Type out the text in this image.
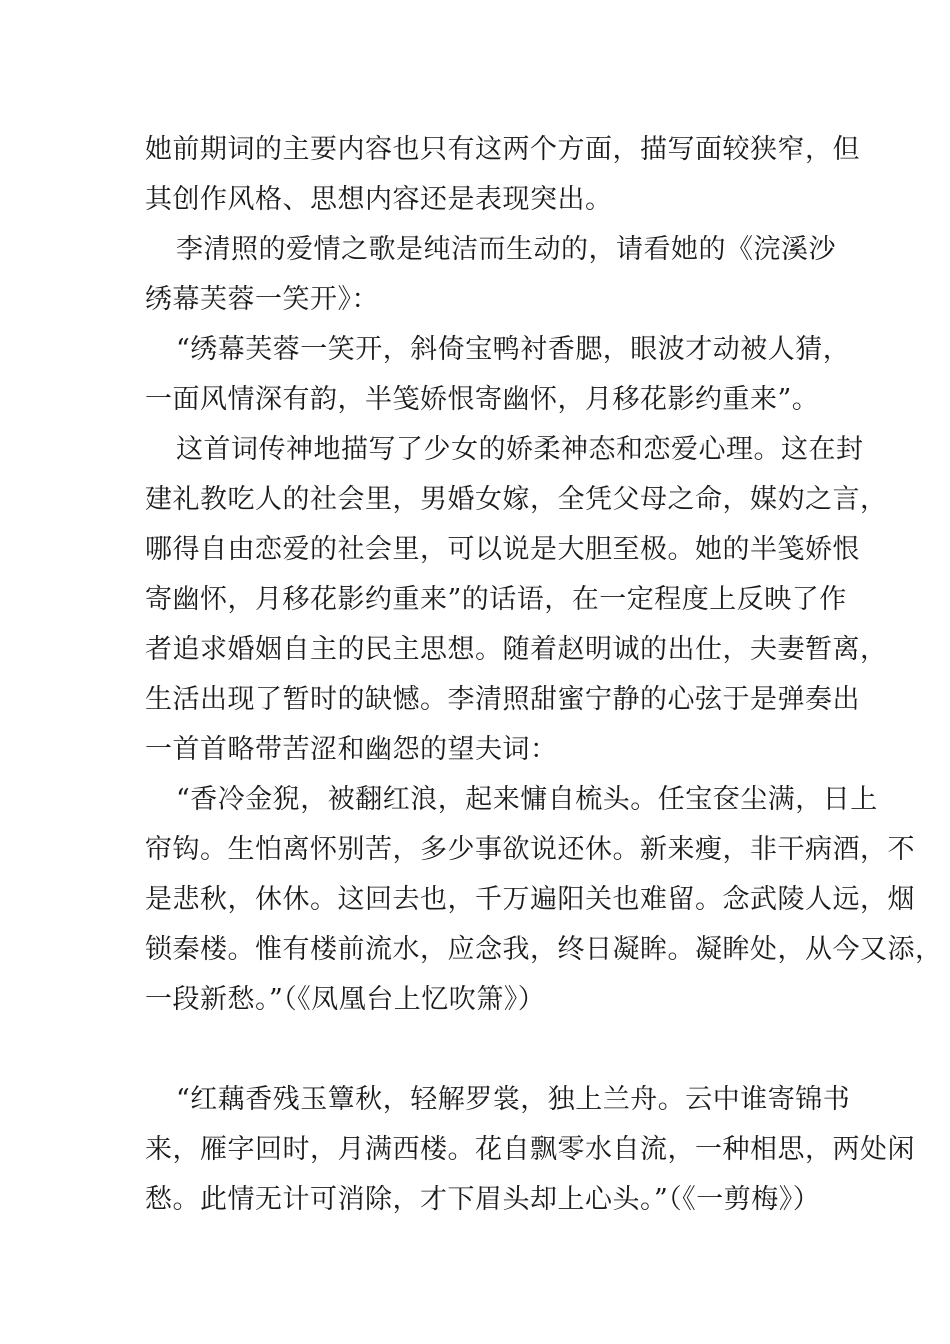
她前期词的主要内容也只有这两个方面，描写面较狭窄，但

其创作风格、思想内容还是表现突出。

李清照的爱情之歌是纯洁而生动的，请看她的《浣溪沙

绣幕芙蓉一笑开》：

“绣幕芙蓉一笑开，斜倚宝鸭衬香腮，眼波才动被人猜，

一面风情深有韵，半笺娇恨寄幽怀，月移花影约重来”。

这首词传神地描写了少女的娇柔神态和恋爱心理。这在封

建礼教吃人的社会里，男婚女嫁，全凭父母之命，媒妁之言，

哪得自由恋爱的社会里，可以说是大胆至极。她的半笺娇恨

寄幽怀，月移花影约重来”的话语，在一定程度上反映了作

者追求婚姻自主的民主思想。随着赵明诚的出仕，夫妻暂离，

生活出现了暂时的缺憾。李清照甜蜜宁静的心弦于是弹奏出

一首首略带苦涩和幽怨的望夫词：

“香冷金猊，被翻红浪，起来慵自梳头。任宝奁尘满，日上

帘钩。生怕离怀别苦，多少事欲说还休。新来瘦，非干病酒，不

是悲秋，休休。这回去也，千万遍阳关也难留。念武陵人远，烟

锁秦楼。惟有楼前流水，应念我，终日凝眸。凝眸处，从今又添，

一段新愁。”（《凤凰台上忆吹箫》）

“红藕香残玉簟秋，轻解罗裳，独上兰舟。云中谁寄锦书

来，雁字回时，月满西楼。花自飘零水自流，一种相思，两处闲

愁。此情无计可消除，才下眉头却上心头。”（《一剪梅》）
